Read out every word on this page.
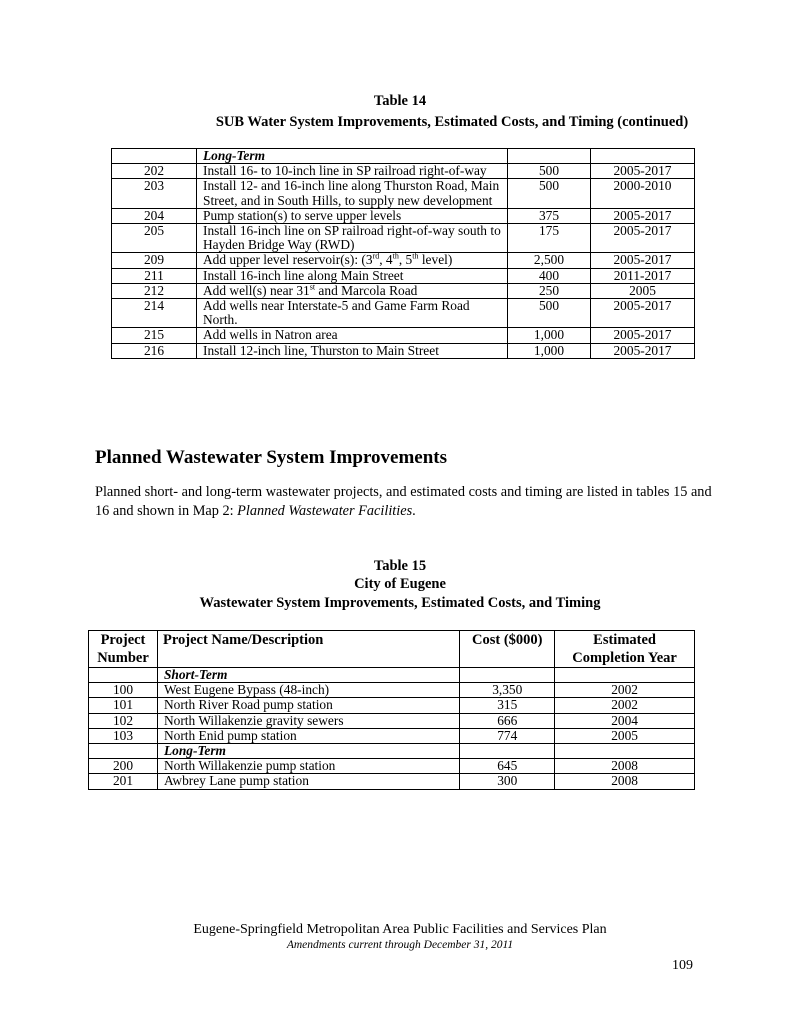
Table 14
SUB Water System Improvements, Estimated Costs, and Timing (continued)
	Long-Term		
202	Install 16- to 10-inch line in SP railroad right-of-way	500	2005-2017
203	Install 12- and 16-inch line along Thurston Road, Main Street, and in South Hills, to supply new development	500	2000-2010
204	Pump station(s) to serve upper levels	375	2005-2017
205	Install 16-inch line on SP railroad right-of-way south to Hayden Bridge Way (RWD)	175	2005-2017
209	Add upper level reservoir(s): (3rd, 4th, 5th level)	2,500	2005-2017
211	Install 16-inch line along Main Street	400	2011-2017
212	Add well(s) near 31st and Marcola Road	250	2005
214	Add wells near Interstate-5 and Game Farm Road North.	500	2005-2017
215	Add wells in Natron area	1,000	2005-2017
216	Install 12-inch line, Thurston to Main Street	1,000	2005-2017
Planned Wastewater System Improvements

Planned short- and long-term wastewater projects, and estimated costs and timing are listed in tables 15 and 16 and shown in Map 2: Planned Wastewater Facilities.

Table 15
City of Eugene
Wastewater System Improvements, Estimated Costs, and Timing
Project Number	Project Name/Description	Cost ($000)	Estimated Completion Year
	Short-Term		
100	West Eugene Bypass (48-inch)	3,350	2002
101	North River Road pump station	315	2002
102	North Willakenzie gravity sewers	666	2004
103	North Enid pump station	774	2005
	Long-Term		
200	North Willakenzie pump station	645	2008
201	Awbrey Lane pump station	300	2008
Eugene-Springfield Metropolitan Area Public Facilities and Services Plan
Amendments current through December 31, 2011
109
